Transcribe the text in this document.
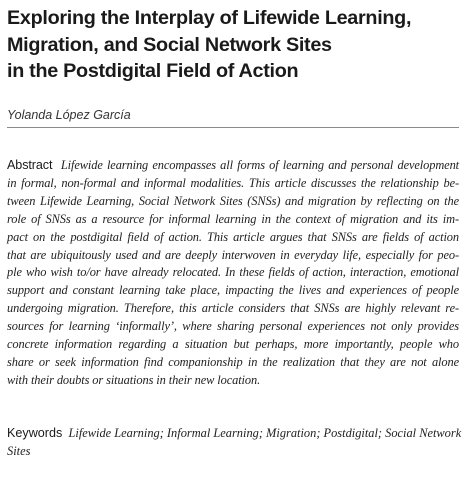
Exploring the Interplay of Lifewide Learning,
Migration, and Social Network Sites
in the Postdigital Field of Action

Yolanda López García

Abstract Lifewide learning encompasses all forms of learning and personal development
in formal, non-formal and informal modalities. This article discusses the relationship be-
tween Lifewide Learning, Social Network Sites (SNSs) and migration by reflecting on the
role of SNSs as a resource for informal learning in the context of migration and its im-
pact on the postdigital field of action. This article argues that SNSs are fields of action
that are ubiquitously used and are deeply interwoven in everyday life, especially for peo-
ple who wish to/or have already relocated. In these fields of action, interaction, emotional
support and constant learning take place, impacting the lives and experiences of people
undergoing migration. Therefore, this article considers that SNSs are highly relevant re-
sources for learning ‘informally’, where sharing personal experiences not only provides
concrete information regarding a situation but perhaps, more importantly, people who
share or seek information find companionship in the realization that they are not alone
with their doubts or situations in their new location.
Keywords Lifewide Learning; Informal Learning; Migration; Postdigital; Social Network
Sites
